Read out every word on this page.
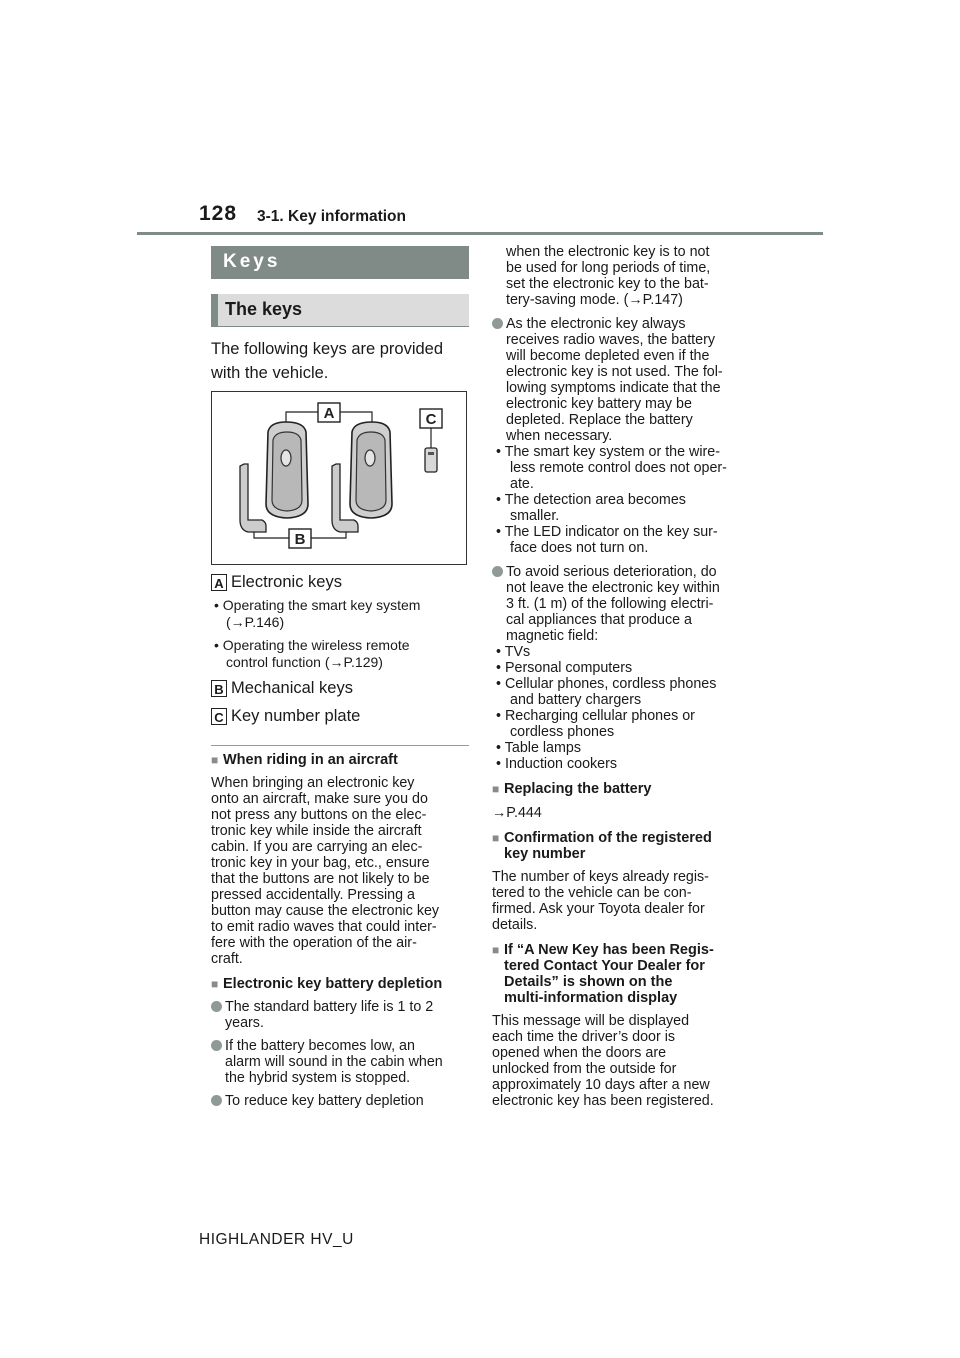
128 3-1. Key information
Keys
The keys

The following keys are provided

with the vehicle.

A	C
B
A Electronic keys

• Operating the smart key system

(→P.146)

• Operating the wireless remote

control function (→P.129)

B Mechanical keys
C Key number plate

■ When riding in an aircraft

When bringing an electronic key

onto an aircraft, make sure you do

not press any buttons on the elec-

tronic key while inside the aircraft

cabin. If you are carrying an elec-

tronic key in your bag, etc., ensure

that the buttons are not likely to be

pressed accidentally. Pressing a

button may cause the electronic key

to emit radio waves that could inter-

fere with the operation of the air-

craft.

■ Electronic key battery depletion

The standard battery life is 1 to 2

years.

If the battery becomes low, an

alarm will sound in the cabin when

the hybrid system is stopped.

To reduce key battery depletion

when the electronic key is to not

be used for long periods of time,

set the electronic key to the bat-

tery-saving mode. (→P.147)

As the electronic key always

receives radio waves, the battery

will become depleted even if the

electronic key is not used. The fol-

lowing symptoms indicate that the

electronic key battery may be

depleted. Replace the battery

when necessary.

• The smart key system or the wire-

less remote control does not oper-

ate.

• The detection area becomes

smaller.

• The LED indicator on the key sur-

face does not turn on.

To avoid serious deterioration, do

not leave the electronic key within

3 ft. (1 m) of the following electri-

cal appliances that produce a

magnetic field:

• TVs

• Personal computers

• Cellular phones, cordless phones

and battery chargers

• Recharging cellular phones or

cordless phones

• Table lamps

• Induction cookers

■ Replacing the battery

→P.444

■ Confirmation of the registered

key number

The number of keys already regis-

tered to the vehicle can be con-

firmed. Ask your Toyota dealer for

details.

■ If “A New Key has been Regis-

tered Contact Your Dealer for

Details” is shown on the

multi-information display

This message will be displayed

each time the driver’s door is

opened when the doors are

unlocked from the outside for

approximately 10 days after a new

electronic key has been registered.

HIGHLANDER HV_U
